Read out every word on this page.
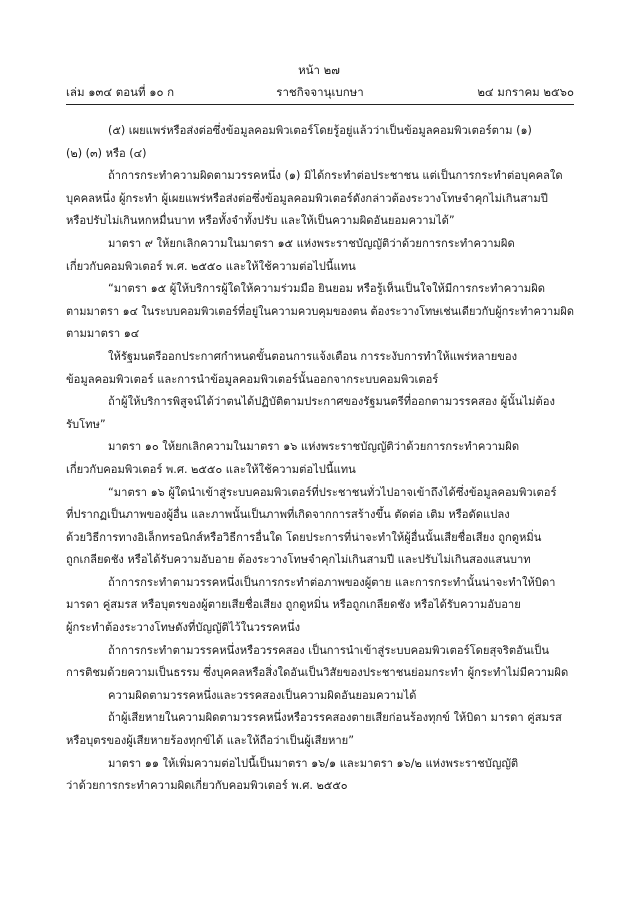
หน้า ๒๗
เล่ม ๑๓๔ ตอนที่ ๑๐ ก	ราชกิจจานุเบกษา	๒๔ มกราคม ๒๕๖๐
(๕) เผยแพร่หรือส่งต่อซึ่งข้อมูลคอมพิวเตอร์โดยรู้อยู่แล้วว่าเป็นข้อมูลคอมพิวเตอร์ตาม (๑)
(๒) (๓) หรือ (๔)
ถ้าการกระทำความผิดตามวรรคหนึ่ง (๑) มิได้กระทำต่อประชาชน แต่เป็นการกระทำต่อบุคคลใด
บุคคลหนึ่ง ผู้กระทำ ผู้เผยแพร่หรือส่งต่อซึ่งข้อมูลคอมพิวเตอร์ดังกล่าวต้องระวางโทษจำคุกไม่เกินสามปี
หรือปรับไม่เกินหกหมื่นบาท หรือทั้งจำทั้งปรับ และให้เป็นความผิดอันยอมความได้”
มาตรา ๙ ให้ยกเลิกความในมาตรา ๑๕ แห่งพระราชบัญญัติว่าด้วยการกระทำความผิด
เกี่ยวกับคอมพิวเตอร์ พ.ศ. ๒๕๕๐ และให้ใช้ความต่อไปนี้แทน
“มาตรา ๑๕ ผู้ให้บริการผู้ใดให้ความร่วมมือ ยินยอม หรือรู้เห็นเป็นใจให้มีการกระทำความผิด
ตามมาตรา ๑๔ ในระบบคอมพิวเตอร์ที่อยู่ในความควบคุมของตน ต้องระวางโทษเช่นเดียวกับผู้กระทำความผิด
ตามมาตรา ๑๔
ให้รัฐมนตรีออกประกาศกำหนดขั้นตอนการแจ้งเตือน การระงับการทำให้แพร่หลายของ
ข้อมูลคอมพิวเตอร์ และการนำข้อมูลคอมพิวเตอร์นั้นออกจากระบบคอมพิวเตอร์
ถ้าผู้ให้บริการพิสูจน์ได้ว่าตนได้ปฏิบัติตามประกาศของรัฐมนตรีที่ออกตามวรรคสอง ผู้นั้นไม่ต้อง
รับโทษ”
มาตรา ๑๐ ให้ยกเลิกความในมาตรา ๑๖ แห่งพระราชบัญญัติว่าด้วยการกระทำความผิด
เกี่ยวกับคอมพิวเตอร์ พ.ศ. ๒๕๕๐ และให้ใช้ความต่อไปนี้แทน
“มาตรา ๑๖ ผู้ใดนำเข้าสู่ระบบคอมพิวเตอร์ที่ประชาชนทั่วไปอาจเข้าถึงได้ซึ่งข้อมูลคอมพิวเตอร์
ที่ปรากฏเป็นภาพของผู้อื่น และภาพนั้นเป็นภาพที่เกิดจากการสร้างขึ้น ตัดต่อ เติม หรือดัดแปลง
ด้วยวิธีการทางอิเล็กทรอนิกส์หรือวิธีการอื่นใด โดยประการที่น่าจะทำให้ผู้อื่นนั้นเสียชื่อเสียง ถูกดูหมิ่น
ถูกเกลียดชัง หรือได้รับความอับอาย ต้องระวางโทษจำคุกไม่เกินสามปี และปรับไม่เกินสองแสนบาท
ถ้าการกระทำตามวรรคหนึ่งเป็นการกระทำต่อภาพของผู้ตาย และการกระทำนั้นน่าจะทำให้บิดา
มารดา คู่สมรส หรือบุตรของผู้ตายเสียชื่อเสียง ถูกดูหมิ่น หรือถูกเกลียดชัง หรือได้รับความอับอาย
ผู้กระทำต้องระวางโทษดังที่บัญญัติไว้ในวรรคหนึ่ง
ถ้าการกระทำตามวรรคหนึ่งหรือวรรคสอง เป็นการนำเข้าสู่ระบบคอมพิวเตอร์โดยสุจริตอันเป็น
การติชมด้วยความเป็นธรรม ซึ่งบุคคลหรือสิ่งใดอันเป็นวิสัยของประชาชนย่อมกระทำ ผู้กระทำไม่มีความผิด
ความผิดตามวรรคหนึ่งและวรรคสองเป็นความผิดอันยอมความได้
ถ้าผู้เสียหายในความผิดตามวรรคหนึ่งหรือวรรคสองตายเสียก่อนร้องทุกข์ ให้บิดา มารดา คู่สมรส
หรือบุตรของผู้เสียหายร้องทุกข์ได้ และให้ถือว่าเป็นผู้เสียหาย”
มาตรา ๑๑ ให้เพิ่มความต่อไปนี้เป็นมาตรา ๑๖/๑ และมาตรา ๑๖/๒ แห่งพระราชบัญญัติ
ว่าด้วยการกระทำความผิดเกี่ยวกับคอมพิวเตอร์ พ.ศ. ๒๕๕๐
